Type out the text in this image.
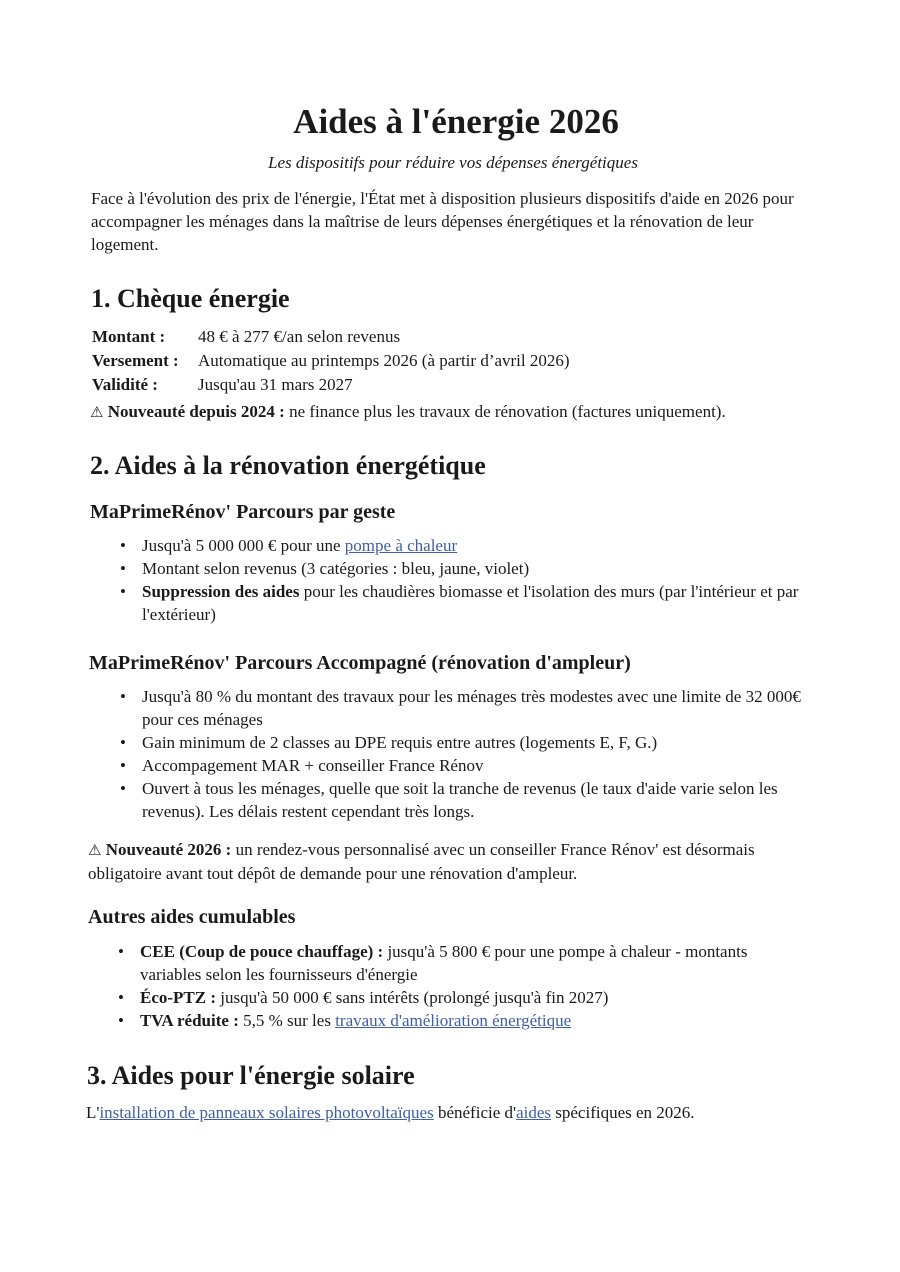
Aides à l'énergie 2026

Les dispositifs pour réduire vos dépenses énergétiques

Face à l'évolution des prix de l'énergie, l'État met à disposition plusieurs dispositifs d'aide en 2026 pour accompagner les ménages dans la maîtrise de leurs dépenses énergétiques et la rénovation de leur logement.

1. Chèque énergie
Montant : 48 € à 277 €/an selon revenus
Versement : Automatique au printemps 2026 (à partir d’avril 2026)
Validité : Jusqu'au 31 mars 2027

⚠ Nouveauté depuis 2024 : ne finance plus les travaux de rénovation (factures uniquement).

2. Aides à la rénovation énergétique
MaPrimeRénov' Parcours par geste
• Jusqu'à 5 000 000 € pour une pompe à chaleur
• Montant selon revenus (3 catégories : bleu, jaune, violet)
• Suppression des aides pour les chaudières biomasse et l'isolation des murs (par l'intérieur et par l'extérieur)
MaPrimeRénov' Parcours Accompagné (rénovation d'ampleur)
• Jusqu'à 80 % du montant des travaux pour les ménages très modestes avec une limite de 32 000€ pour ces ménages
• Gain minimum de 2 classes au DPE requis entre autres (logements E, F, G.)
• Accompagement MAR + conseiller France Rénov
• Ouvert à tous les ménages, quelle que soit la tranche de revenus (le taux d'aide varie selon les revenus). Les délais restent cependant très longs.

⚠ Nouveauté 2026 : un rendez-vous personnalisé avec un conseiller France Rénov' est désormais obligatoire avant tout dépôt de demande pour une rénovation d'ampleur.

Autres aides cumulables
• CEE (Coup de pouce chauffage) : jusqu'à 5 800 € pour une pompe à chaleur - montants variables selon les fournisseurs d'énergie
• Éco-PTZ : jusqu'à 50 000 € sans intérêts (prolongé jusqu'à fin 2027)
• TVA réduite : 5,5 % sur les travaux d'amélioration énergétique
3. Aides pour l'énergie solaire

L'installation de panneaux solaires photovoltaïques bénéficie d'aides spécifiques en 2026.
